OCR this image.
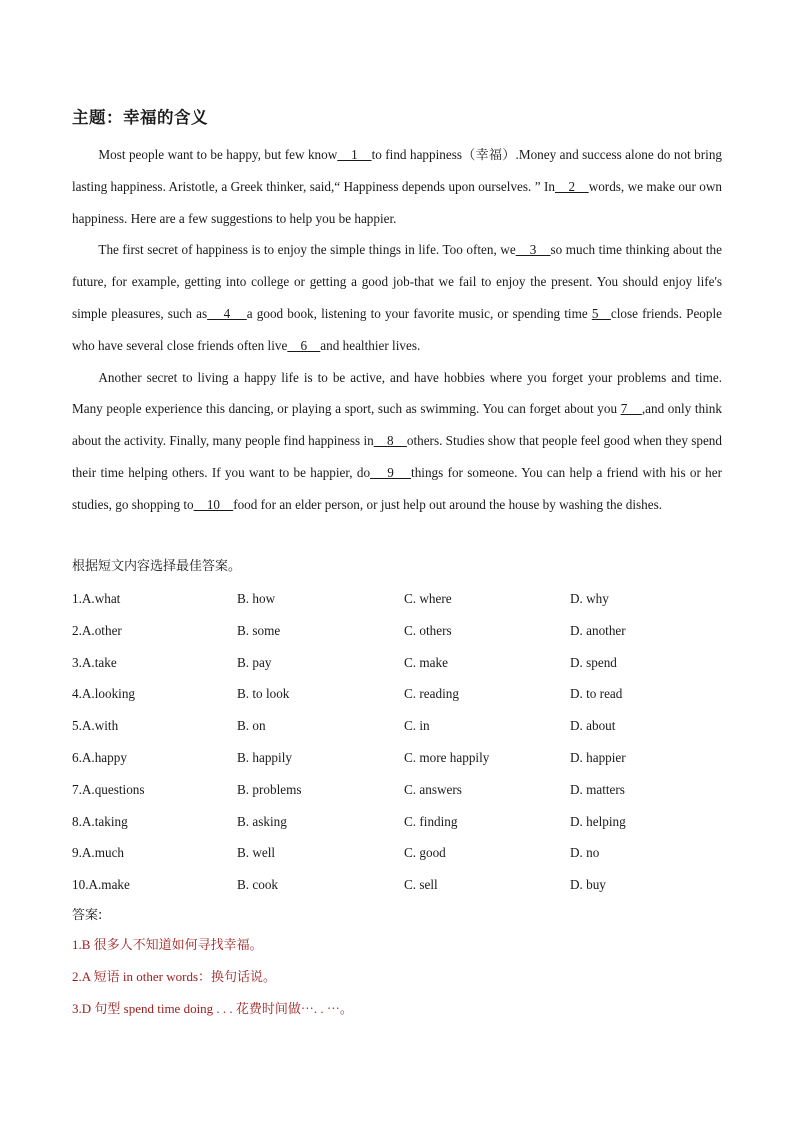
主题：幸福的含义

Most people want to be happy, but few know    1    to find happiness（幸福）.Money and success alone do not bring lasting happiness. Aristotle, a Greek thinker, said,“ Happiness depends upon ourselves. ” In    2    words, we make our own happiness. Here are a few suggestions to help you be happier.

The first secret of happiness is to enjoy the simple things in life. Too often, we    3    so much time thinking about the future, for example, getting into college or getting a good job-that we fail to enjoy the present. You should enjoy life's simple pleasures, such as    4    a good book, listening to your favorite music, or spending time 5   close friends. People who have several close friends often live    6    and healthier lives.

Another secret to living a happy life is to be active, and have hobbies where you forget your problems and time. Many people experience this dancing, or playing a sport, such as swimming. You can forget about you 7    ,and only think about the activity. Finally, many people find happiness in    8    others. Studies show that people feel good when they spend their time helping others. If you want to be happier, do    9    things for someone. You can help a friend with his or her studies, go shopping to    10    food for an elder person, or just help out around the house by washing the dishes.

根据短文内容选择最佳答案。
1.A.what	B. how	C. where	D. why
2.A.other	B. some	C. others	D. another
3.A.take	B. pay	C. make	D. spend
4.A.looking	B. to look	C. reading	D. to read
5.A.with	B. on	C. in	D. about
6.A.happy	B. happily	C. more happily	D. happier
7.A.questions	B. problems	C. answers	D. matters
8.A.taking	B. asking	C. finding	D. helping
9.A.much	B. well	C. good	D. no
10.A.make	B. cook	C. sell	D. buy
答案:
1.B 很多人不知道如何寻找幸福。
2.A 短语 in other words：换句话说。
3.D 句型 spend time doing . . . 花费时间做⋯. . ⋯。
